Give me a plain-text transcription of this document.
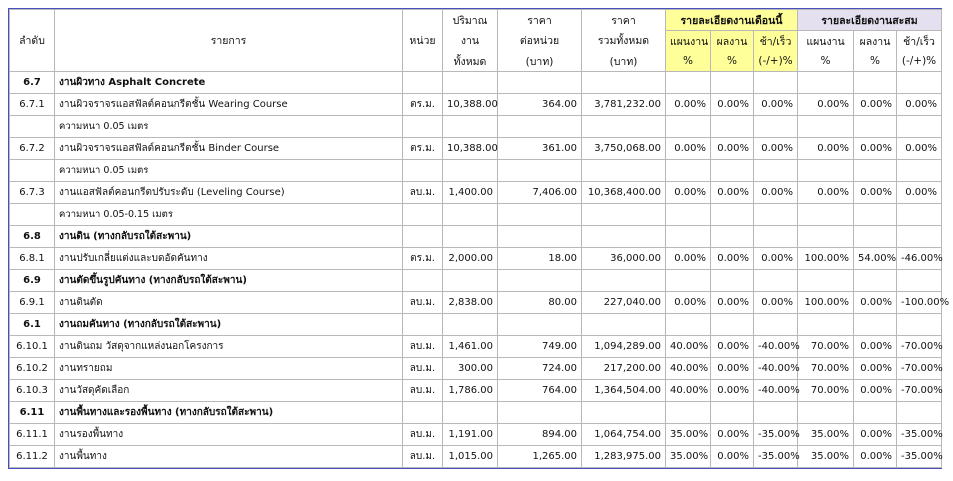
			ปริมาณ	ราคา	ราคา	รายละเอียดงานเดือนนี้			รายละเอียดงานสะสม		
ลำดับ	รายการ	หน่วย	งาน	ต่อหน่วย	รวมทั้งหมด	แผนงาน	ผลงาน	ช้า/เร็ว	แผนงาน	ผลงาน	ช้า/เร็ว
			ทั้งหมด	(บาท)	(บาท)	%	%	(-/+)%	%	%	(-/+)%
6.7	งานผิวทาง Asphalt Concrete										
6.7.1	งานผิวจราจรแอสฟัลต์คอนกรีตชั้น Wearing Course	ตร.ม.	10,388.00	364.00	3,781,232.00	0.00%	0.00%	0.00%	0.00%	0.00%	0.00%
	ความหนา 0.05 เมตร										
6.7.2	งานผิวจราจรแอสฟัลต์คอนกรีตชั้น Binder Course	ตร.ม.	10,388.00	361.00	3,750,068.00	0.00%	0.00%	0.00%	0.00%	0.00%	0.00%
	ความหนา 0.05 เมตร										
6.7.3	งานแอสฟัลต์คอนกรีตปรับระดับ (Leveling Course)	ลบ.ม.	1,400.00	7,406.00	10,368,400.00	0.00%	0.00%	0.00%	0.00%	0.00%	0.00%
	ความหนา 0.05-0.15 เมตร										
6.8	งานดิน (ทางกลับรถใต้สะพาน)										
6.8.1	งานปรับเกลี่ยแต่งและบดอัดคันทาง	ตร.ม.	2,000.00	18.00	36,000.00	0.00%	0.00%	0.00%	100.00%	54.00%	-46.00%
6.9	งานตัดขึ้นรูปคันทาง (ทางกลับรถใต้สะพาน)										
6.9.1	งานดินตัด	ลบ.ม.	2,838.00	80.00	227,040.00	0.00%	0.00%	0.00%	100.00%	0.00%	-100.00%
6.1	งานถมคันทาง (ทางกลับรถใต้สะพาน)										
6.10.1	งานดินถม วัสดุจากแหล่งนอกโครงการ	ลบ.ม.	1,461.00	749.00	1,094,289.00	40.00%	0.00%	-40.00%	70.00%	0.00%	-70.00%
6.10.2	งานทรายถม	ลบ.ม.	300.00	724.00	217,200.00	40.00%	0.00%	-40.00%	70.00%	0.00%	-70.00%
6.10.3	งานวัสดุคัดเลือก	ลบ.ม.	1,786.00	764.00	1,364,504.00	40.00%	0.00%	-40.00%	70.00%	0.00%	-70.00%
6.11	งานพื้นทางและรองพื้นทาง (ทางกลับรถใต้สะพาน)										
6.11.1	งานรองพื้นทาง	ลบ.ม.	1,191.00	894.00	1,064,754.00	35.00%	0.00%	-35.00%	35.00%	0.00%	-35.00%
6.11.2	งานพื้นทาง	ลบ.ม.	1,015.00	1,265.00	1,283,975.00	35.00%	0.00%	-35.00%	35.00%	0.00%	-35.00%
